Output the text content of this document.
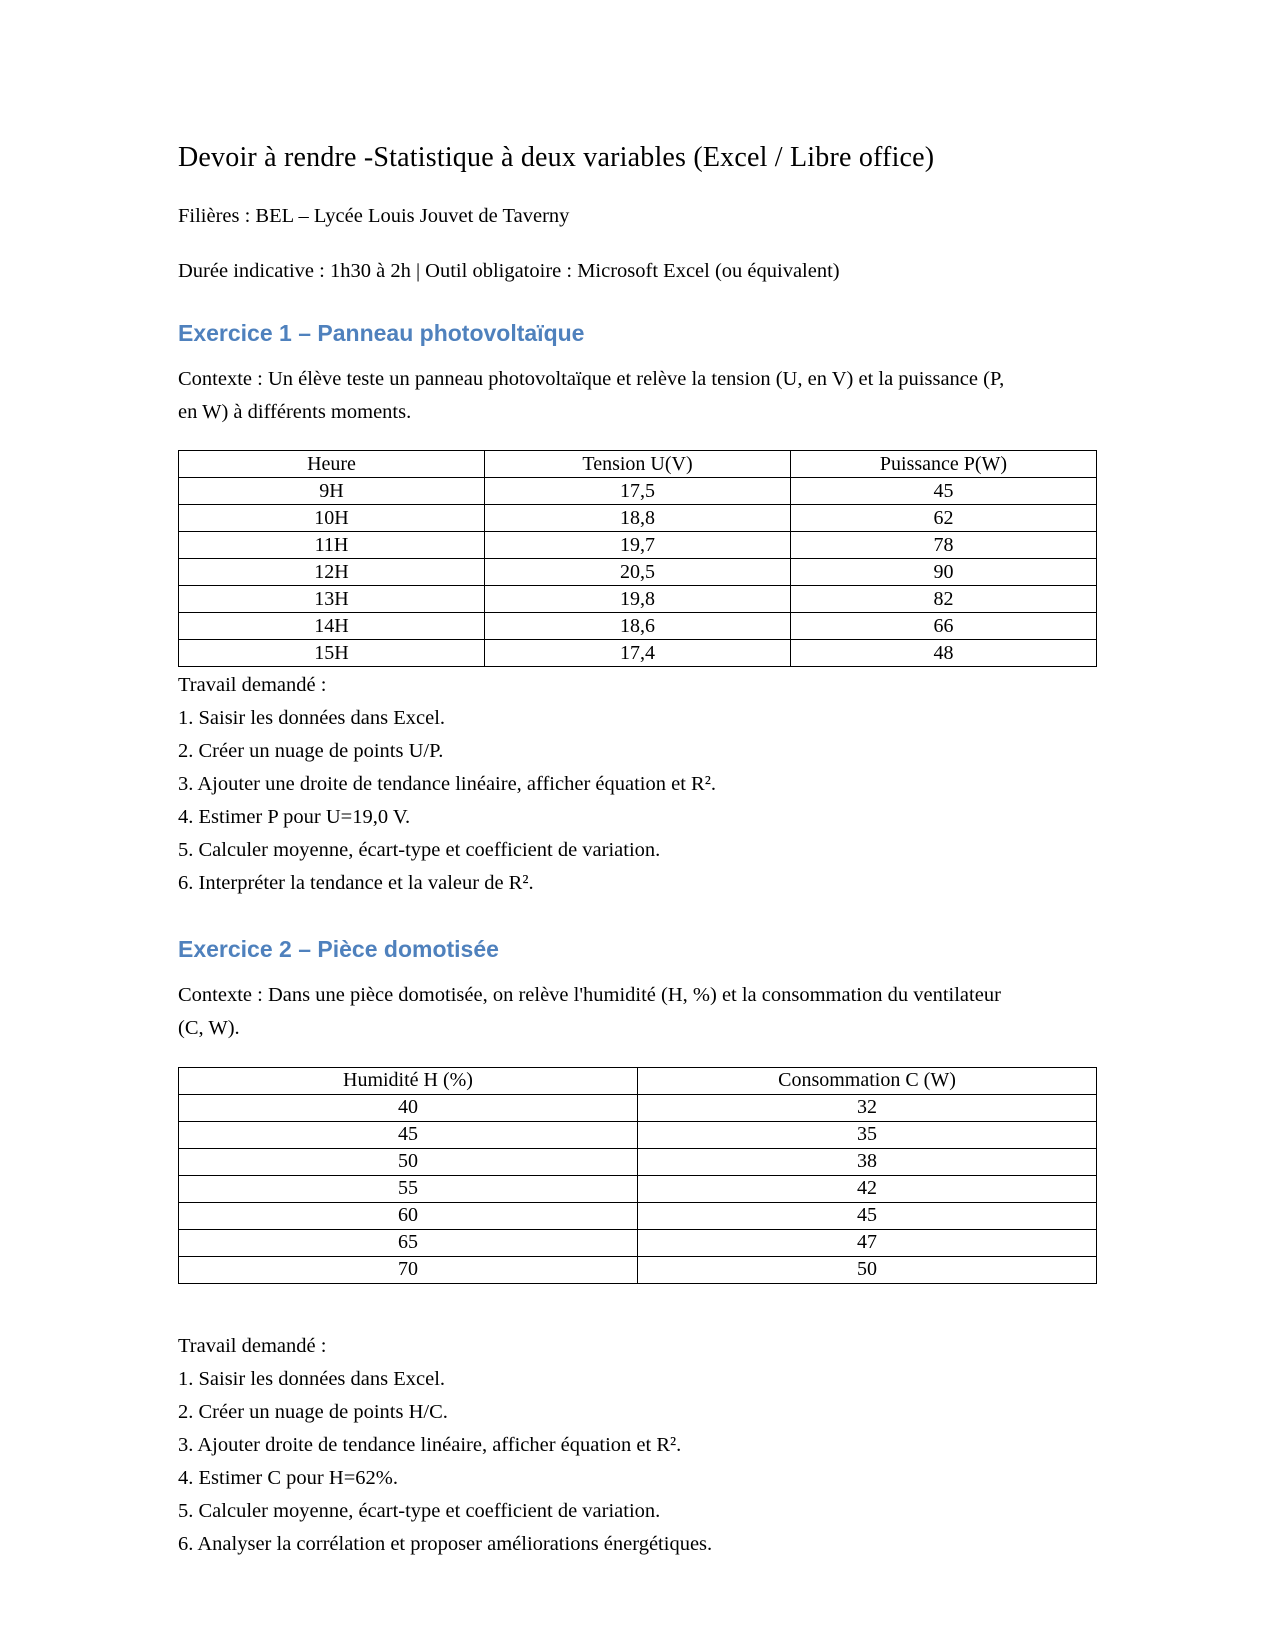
Devoir à rendre -Statistique à deux variables (Excel / Libre office)

Filières : BEL – Lycée Louis Jouvet de Taverny

Durée indicative : 1h30 à 2h | Outil obligatoire : Microsoft Excel (ou équivalent)

Exercice 1 – Panneau photovoltaïque

Contexte : Un élève teste un panneau photovoltaïque et relève la tension (U, en V) et la puissance (P, en W) à différents moments.

Heure	Tension U(V)	Puissance P(W)
9H	17,5	45
10H	18,8	62
11H	19,7	78
12H	20,5	90
13H	19,8	82
14H	18,6	66
15H	17,4	48
Travail demandé :
1. Saisir les données dans Excel.
2. Créer un nuage de points U/P.
3. Ajouter une droite de tendance linéaire, afficher équation et R².
4. Estimer P pour U=19,0 V.
5. Calculer moyenne, écart-type et coefficient de variation.
6. Interpréter la tendance et la valeur de R².
Exercice 2 – Pièce domotisée

Contexte : Dans une pièce domotisée, on relève l'humidité (H, %) et la consommation du ventilateur (C, W).

Humidité H (%)	Consommation C (W)
40	32
45	35
50	38
55	42
60	45
65	47
70	50
Travail demandé :
1. Saisir les données dans Excel.
2. Créer un nuage de points H/C.
3. Ajouter droite de tendance linéaire, afficher équation et R².
4. Estimer C pour H=62%.
5. Calculer moyenne, écart-type et coefficient de variation.
6. Analyser la corrélation et proposer améliorations énergétiques.
